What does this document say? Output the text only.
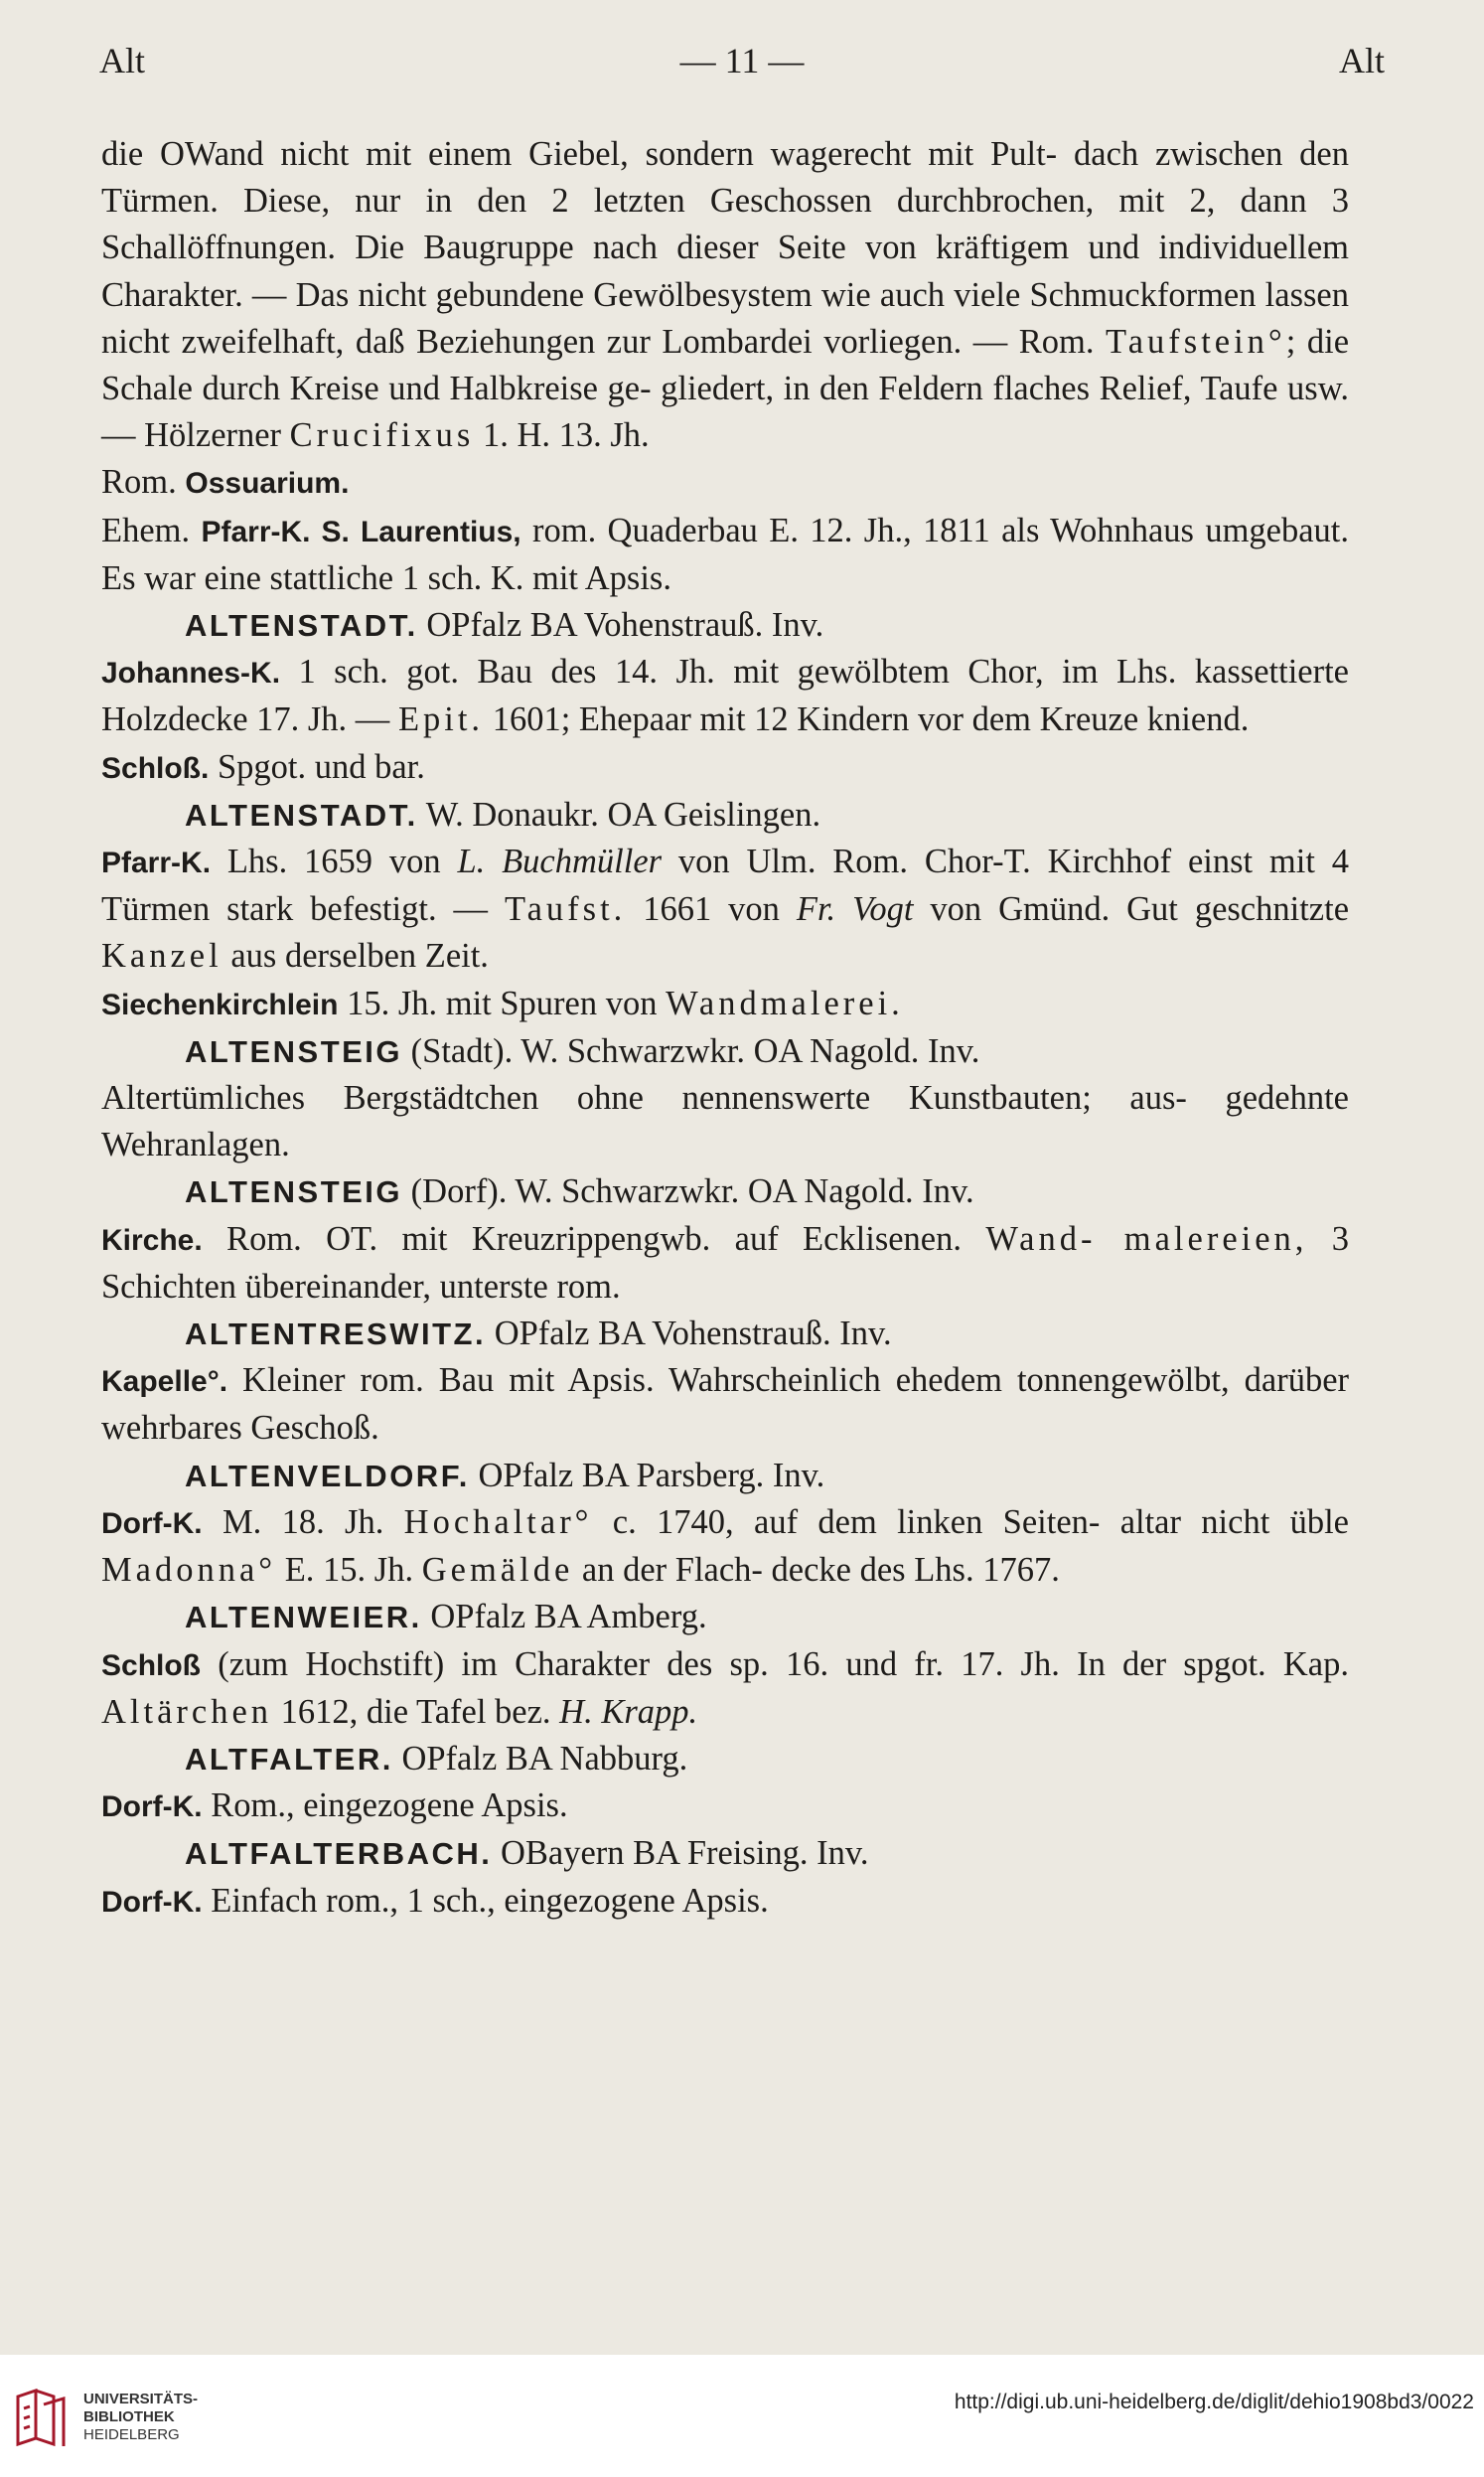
Alt	— 11 —	Alt
die OWand nicht mit einem Giebel, sondern wagerecht mit Pult- dach zwischen den Türmen. Diese, nur in den 2 letzten Geschossen durchbrochen, mit 2, dann 3 Schallöffnungen. Die Baugruppe nach dieser Seite von kräftigem und individuellem Charakter. — Das nicht gebundene Gewölbesystem wie auch viele Schmuckformen lassen nicht zweifelhaft, daß Beziehungen zur Lombardei vorliegen. — Rom. Taufstein°; die Schale durch Kreise und Halbkreise ge- gliedert, in den Feldern flaches Relief, Taufe usw. — Hölzerner Crucifixus 1. H. 13. Jh.
Rom. Ossuarium.
Ehem. Pfarr-K. S. Laurentius, rom. Quaderbau E. 12. Jh., 1811 als Wohnhaus umgebaut. Es war eine stattliche 1 sch. K. mit Apsis.
ALTENSTADT. OPfalz BA Vohenstrauß. Inv.
Johannes-K. 1 sch. got. Bau des 14. Jh. mit gewölbtem Chor, im Lhs. kassettierte Holzdecke 17. Jh. — Epit. 1601; Ehepaar mit 12 Kindern vor dem Kreuze kniend.
Schloß. Spgot. und bar.
ALTENSTADT. W. Donaukr. OA Geislingen.
Pfarr-K. Lhs. 1659 von L. Buchmüller von Ulm. Rom. Chor-T. Kirchhof einst mit 4 Türmen stark befestigt. — Taufst. 1661 von Fr. Vogt von Gmünd. Gut geschnitzte Kanzel aus derselben Zeit.
Siechenkirchlein 15. Jh. mit Spuren von Wandmalerei.
ALTENSTEIG (Stadt). W. Schwarzwkr. OA Nagold. Inv.
Altertümliches Bergstädtchen ohne nennenswerte Kunstbauten; aus- gedehnte Wehranlagen.
ALTENSTEIG (Dorf). W. Schwarzwkr. OA Nagold. Inv.
Kirche. Rom. OT. mit Kreuzrippengwb. auf Ecklisenen. Wand- malereien, 3 Schichten übereinander, unterste rom.
ALTENTRESWITZ. OPfalz BA Vohenstrauß. Inv.
Kapelle°. Kleiner rom. Bau mit Apsis. Wahrscheinlich ehedem tonnengewölbt, darüber wehrbares Geschoß.
ALTENVELDORF. OPfalz BA Parsberg. Inv.
Dorf-K. M. 18. Jh. Hochaltar° c. 1740, auf dem linken Seiten- altar nicht üble Madonna° E. 15. Jh. Gemälde an der Flach- decke des Lhs. 1767.
ALTENWEIER. OPfalz BA Amberg.
Schloß (zum Hochstift) im Charakter des sp. 16. und fr. 17. Jh. In der spgot. Kap. Altärchen 1612, die Tafel bez. H. Krapp.
ALTFALTER. OPfalz BA Nabburg.
Dorf-K. Rom., eingezogene Apsis.
ALTFALTERBACH. OBayern BA Freising. Inv.
Dorf-K. Einfach rom., 1 sch., eingezogene Apsis.
UNIVERSITÄTS-
BIBLIOTHEK
HEIDELBERG
http://digi.ub.uni-heidelberg.de/diglit/dehio1908bd3/0022
